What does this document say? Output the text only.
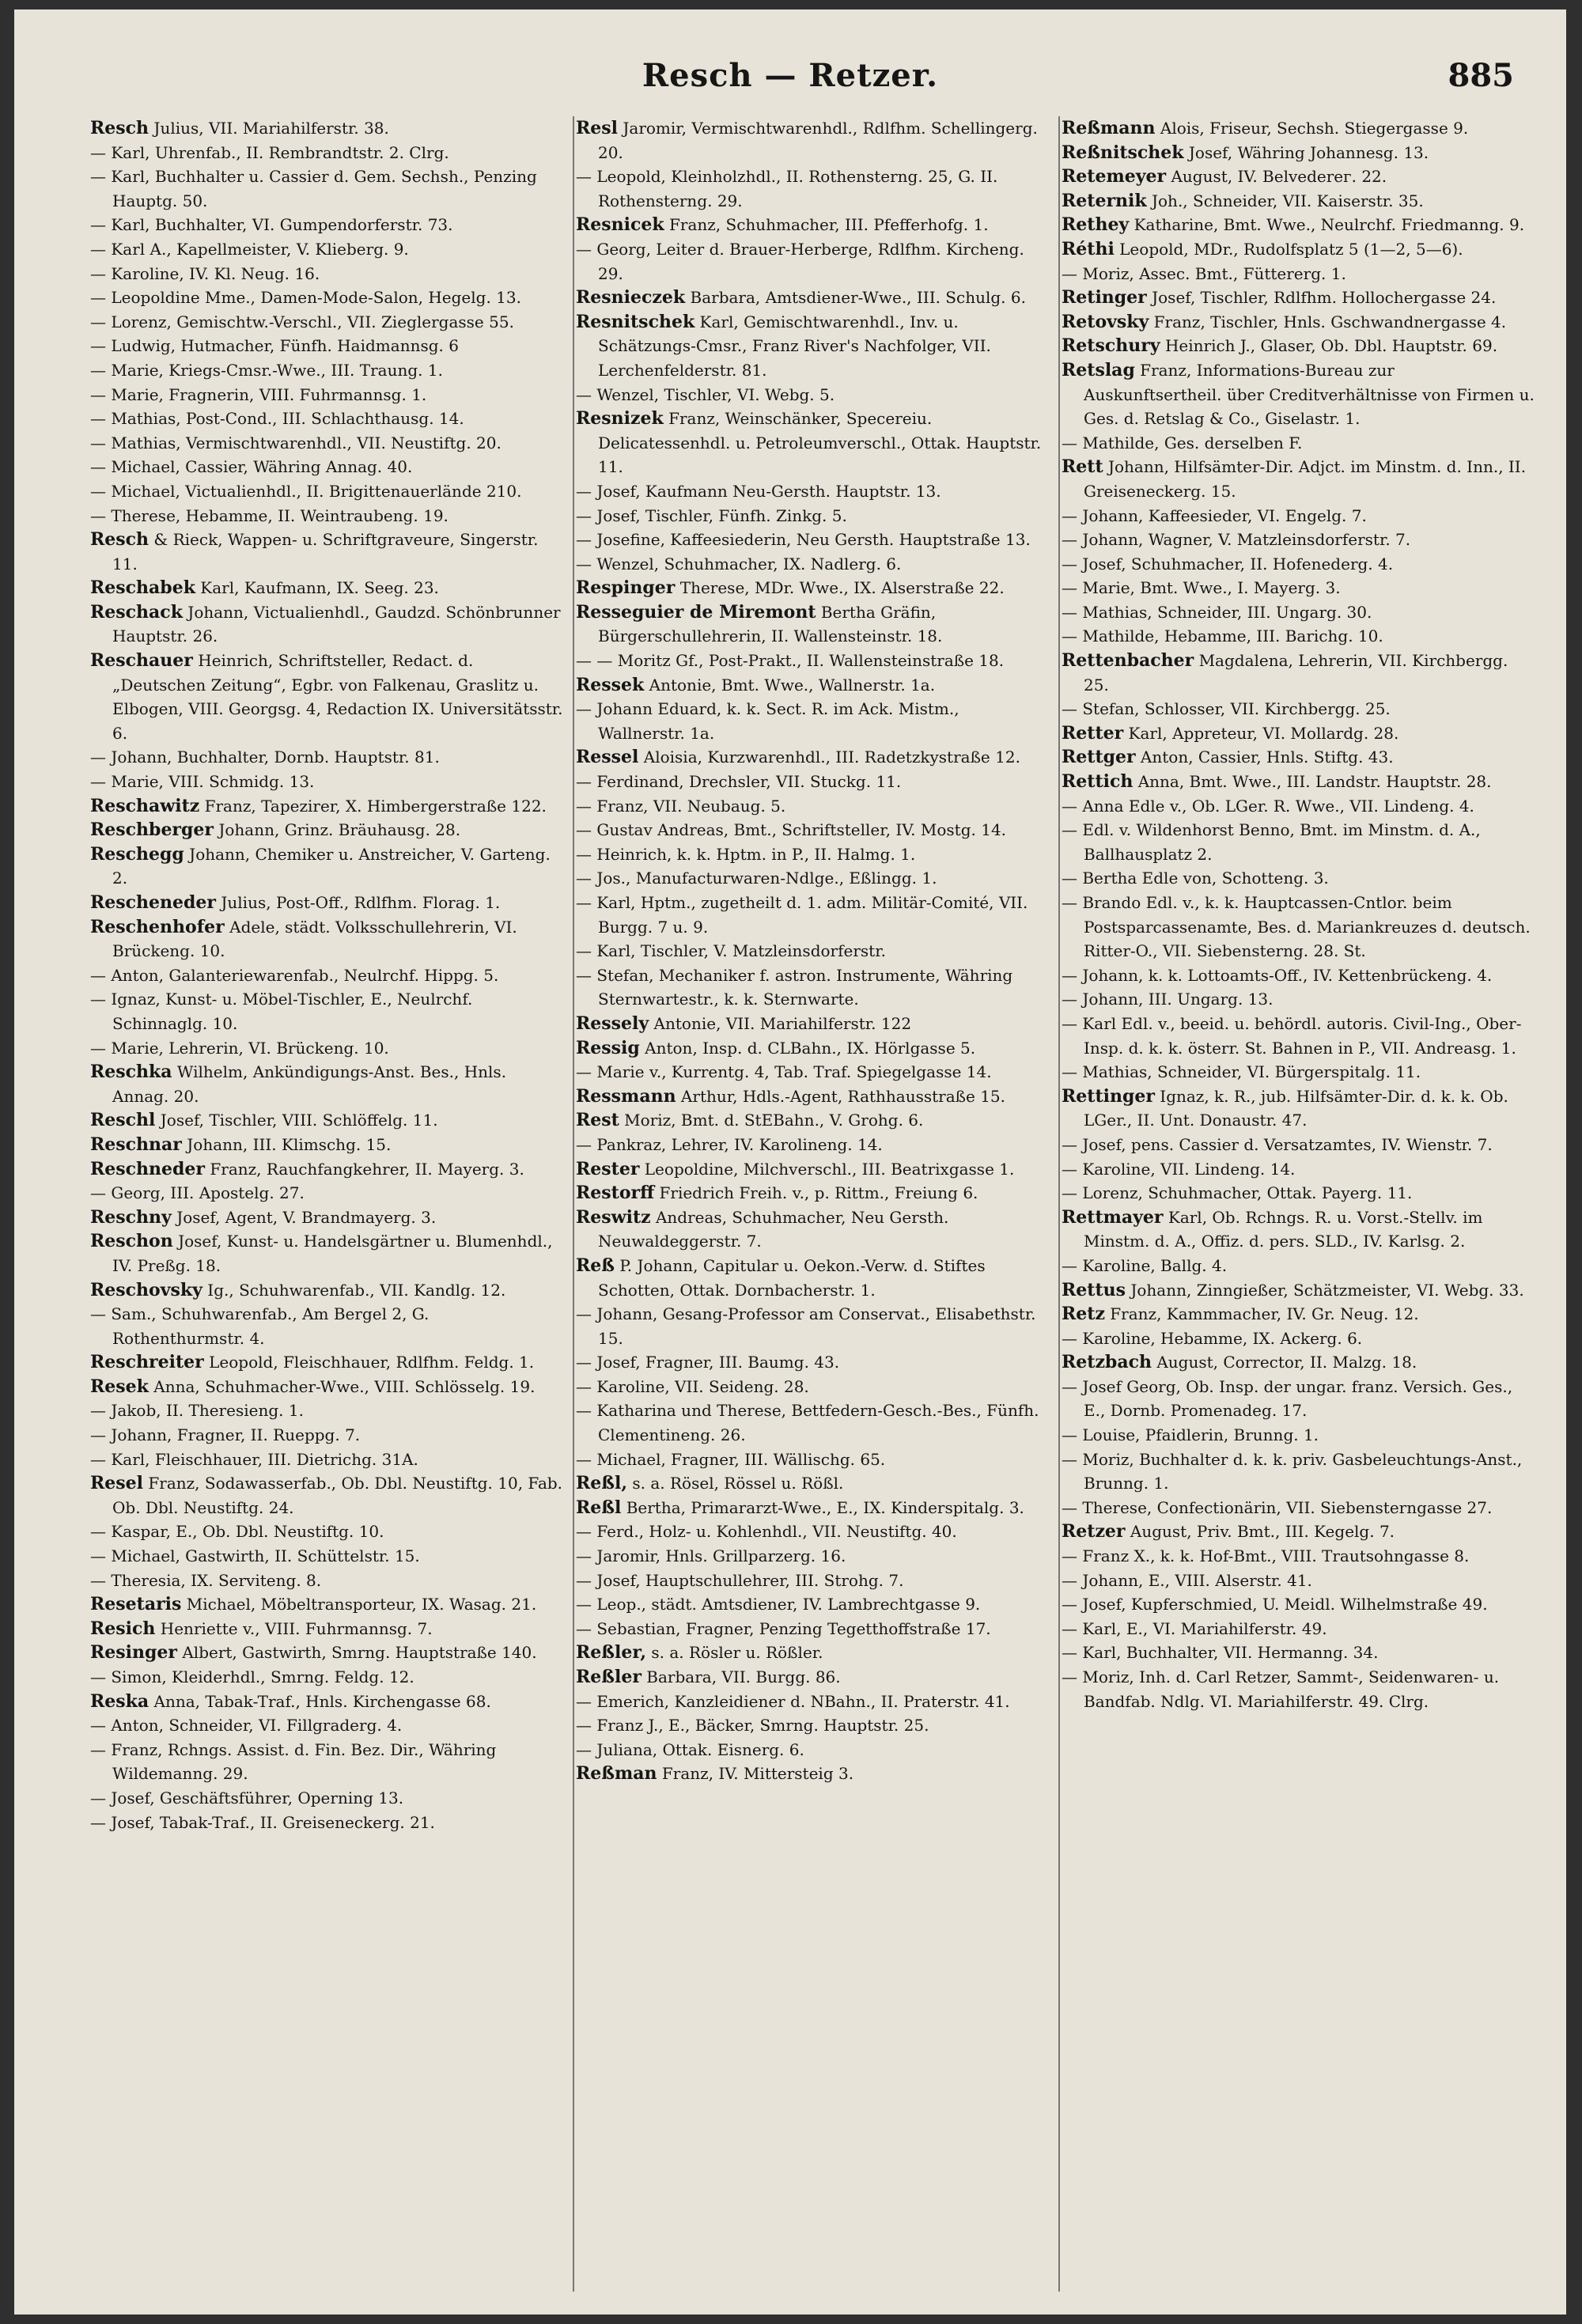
Resch — Retzer.	885
Resch Julius, VII. Mariahilferstr. 38.
— Karl, Uhrenfab., II. Rembrandtstr. 2. Clrg.
— Karl, Buchhalter u. Cassier d. Gem. Sechsh., Penzing Hauptg. 50.
— Karl, Buchhalter, VI. Gumpendorferstr. 73.
— Karl A., Kapellmeister, V. Klieberg. 9.
— Karoline, IV. Kl. Neug. 16.
— Leopoldine Mme., Damen-Mode-Salon, Hegelg. 13.
— Lorenz, Gemischtw.-Verschl., VII. Zieglergasse 55.
— Ludwig, Hutmacher, Fünfh. Haidmannsg. 6
— Marie, Kriegs-Cmsr.-Wwe., III. Traung. 1.
— Marie, Fragnerin, VIII. Fuhrmannsg. 1.
— Mathias, Post-Cond., III. Schlachthausg. 14.
— Mathias, Vermischtwarenhdl., VII. Neustiftg. 20.
— Michael, Cassier, Währing Annag. 40.
— Michael, Victualienhdl., II. Brigittenauerlände 210.
— Therese, Hebamme, II. Weintraubeng. 19.
Resch & Rieck, Wappen- u. Schriftgraveure, Singerstr. 11.
Reschabek Karl, Kaufmann, IX. Seeg. 23.
Reschack Johann, Victualienhdl., Gaudzd. Schönbrunner Hauptstr. 26.
Reschauer Heinrich, Schriftsteller, Redact. d. „Deutschen Zeitung“, Egbr. von Falkenau, Graslitz u. Elbogen, VIII. Georgsg. 4, Redaction IX. Universitätsstr. 6.
— Johann, Buchhalter, Dornb. Hauptstr. 81.
— Marie, VIII. Schmidg. 13.
Reschawitz Franz, Tapezirer, X. Himbergerstraße 122.
Reschberger Johann, Grinz. Bräuhausg. 28.
Reschegg Johann, Chemiker u. Anstreicher, V. Garteng. 2.
Rescheneder Julius, Post-Off., Rdlfhm. Florag. 1.
Reschenhofer Adele, städt. Volksschullehrerin, VI. Brückeng. 10.
— Anton, Galanteriewarenfab., Neulrchf. Hippg. 5.
— Ignaz, Kunst- u. Möbel-Tischler, E., Neulrchf. Schinnaglg. 10.
— Marie, Lehrerin, VI. Brückeng. 10.
Reschka Wilhelm, Ankündigungs-Anst. Bes., Hnls. Annag. 20.
Reschl Josef, Tischler, VIII. Schlöffelg. 11.
Reschnar Johann, III. Klimschg. 15.
Reschneder Franz, Rauchfangkehrer, II. Mayerg. 3.
— Georg, III. Apostelg. 27.
Reschny Josef, Agent, V. Brandmayerg. 3.
Reschon Josef, Kunst- u. Handelsgärtner u. Blumenhdl., IV. Preßg. 18.
Reschovsky Ig., Schuhwarenfab., VII. Kandlg. 12.
— Sam., Schuhwarenfab., Am Bergel 2, G. Rothenthurmstr. 4.
Reschreiter Leopold, Fleischhauer, Rdlfhm. Feldg. 1.
Resek Anna, Schuhmacher-Wwe., VIII. Schlösselg. 19.
— Jakob, II. Theresieng. 1.
— Johann, Fragner, II. Rueppg. 7.
— Karl, Fleischhauer, III. Dietrichg. 31A.
Resel Franz, Sodawasserfab., Ob. Dbl. Neustiftg. 10, Fab. Ob. Dbl. Neustiftg. 24.
— Kaspar, E., Ob. Dbl. Neustiftg. 10.
— Michael, Gastwirth, II. Schüttelstr. 15.
— Theresia, IX. Serviteng. 8.
Resetaris Michael, Möbeltransporteur, IX. Wasag. 21.
Resich Henriette v., VIII. Fuhrmannsg. 7.
Resinger Albert, Gastwirth, Smrng. Hauptstraße 140.
— Simon, Kleiderhdl., Smrng. Feldg. 12.
Reska Anna, Tabak-Traf., Hnls. Kirchengasse 68.
— Anton, Schneider, VI. Fillgraderg. 4.
— Franz, Rchngs. Assist. d. Fin. Bez. Dir., Währing Wildemanng. 29.
— Josef, Geschäftsführer, Operning 13.
— Josef, Tabak-Traf., II. Greiseneckerg. 21.
Resl Jaromir, Vermischtwarenhdl., Rdlfhm. Schellingerg. 20.
— Leopold, Kleinholzhdl., II. Rothensterng. 25, G. II. Rothensterng. 29.
Resnicek Franz, Schuhmacher, III. Pfefferhofg. 1.
— Georg, Leiter d. Brauer-Herberge, Rdlfhm. Kircheng. 29.
Resnieczek Barbara, Amtsdiener-Wwe., III. Schulg. 6.
Resnitschek Karl, Gemischtwarenhdl., Inv. u. Schätzungs-Cmsr., Franz River's Nachfolger, VII. Lerchenfelderstr. 81.
— Wenzel, Tischler, VI. Webg. 5.
Resnizek Franz, Weinschänker, Specereiu. Delicatessenhdl. u. Petroleumverschl., Ottak. Hauptstr. 11.
— Josef, Kaufmann Neu-Gersth. Hauptstr. 13.
— Josef, Tischler, Fünfh. Zinkg. 5.
— Josefine, Kaffeesiederin, Neu Gersth. Hauptstraße 13.
— Wenzel, Schuhmacher, IX. Nadlerg. 6.
Respinger Therese, MDr. Wwe., IX. Alserstraße 22.
Resseguier de Miremont Bertha Gräfin, Bürgerschullehrerin, II. Wallensteinstr. 18.
— — Moritz Gf., Post-Prakt., II. Wallensteinstraße 18.
Ressek Antonie, Bmt. Wwe., Wallnerstr. 1a.
— Johann Eduard, k. k. Sect. R. im Ack. Mistm., Wallnerstr. 1a.
Ressel Aloisia, Kurzwarenhdl., III. Radetzkystraße 12.
— Ferdinand, Drechsler, VII. Stuckg. 11.
— Franz, VII. Neubaug. 5.
— Gustav Andreas, Bmt., Schriftsteller, IV. Mostg. 14.
— Heinrich, k. k. Hptm. in P., II. Halmg. 1.
— Jos., Manufacturwaren-Ndlge., Eßlingg. 1.
— Karl, Hptm., zugetheilt d. 1. adm. Militär-Comité, VII. Burgg. 7 u. 9.
— Karl, Tischler, V. Matzleinsdorferstr.
— Stefan, Mechaniker f. astron. Instrumente, Währing Sternwartestr., k. k. Sternwarte.
Ressely Antonie, VII. Mariahilferstr. 122
Ressig Anton, Insp. d. CLBahn., IX. Hörlgasse 5.
— Marie v., Kurrentg. 4, Tab. Traf. Spiegelgasse 14.
Ressmann Arthur, Hdls.-Agent, Rathhausstraße 15.
Rest Moriz, Bmt. d. StEBahn., V. Grohg. 6.
— Pankraz, Lehrer, IV. Karolineng. 14.
Rester Leopoldine, Milchverschl., III. Beatrixgasse 1.
Restorff Friedrich Freih. v., p. Rittm., Freiung 6.
Reswitz Andreas, Schuhmacher, Neu Gersth. Neuwaldeggerstr. 7.
Reß P. Johann, Capitular u. Oekon.-Verw. d. Stiftes Schotten, Ottak. Dornbacherstr. 1.
— Johann, Gesang-Professor am Conservat., Elisabethstr. 15.
— Josef, Fragner, III. Baumg. 43.
— Karoline, VII. Seideng. 28.
— Katharina und Therese, Bettfedern-Gesch.-Bes., Fünfh. Clementineng. 26.
— Michael, Fragner, III. Wällischg. 65.
Reßl, s. a. Rösel, Rössel u. Rößl.
Reßl Bertha, Primararzt-Wwe., E., IX. Kinderspitalg. 3.
— Ferd., Holz- u. Kohlenhdl., VII. Neustiftg. 40.
— Jaromir, Hnls. Grillparzerg. 16.
— Josef, Hauptschullehrer, III. Strohg. 7.
— Leop., städt. Amtsdiener, IV. Lambrechtgasse 9.
— Sebastian, Fragner, Penzing Tegetthoffstraße 17.
Reßler, s. a. Rösler u. Rößler.
Reßler Barbara, VII. Burgg. 86.
— Emerich, Kanzleidiener d. NBahn., II. Praterstr. 41.
— Franz J., E., Bäcker, Smrng. Hauptstr. 25.
— Juliana, Ottak. Eisnerg. 6.
Reßman Franz, IV. Mittersteig 3.
Reßmann Alois, Friseur, Sechsh. Stiegergasse 9.
Reßnitschek Josef, Währing Johannesg. 13.
Retemeyer August, IV. Belvederег. 22.
Reternik Joh., Schneider, VII. Kaiserstr. 35.
Rethey Katharine, Bmt. Wwe., Neulrchf. Friedmanng. 9.
Réthi Leopold, MDr., Rudolfsplatz 5 (1—2, 5—6).
— Moriz, Assec. Bmt., Füttererg. 1.
Retinger Josef, Tischler, Rdlfhm. Hollochergasse 24.
Retovsky Franz, Tischler, Hnls. Gschwandnergasse 4.
Retschury Heinrich J., Glaser, Ob. Dbl. Hauptstr. 69.
Retslag Franz, Informations-Bureau zur Auskunftsertheil. über Creditverhältnisse von Firmen u. Ges. d. Retslag & Co., Giselastr. 1.
— Mathilde, Ges. derselben F.
Rett Johann, Hilfsämter-Dir. Adjct. im Minstm. d. Inn., II. Greiseneckerg. 15.
— Johann, Kaffeesieder, VI. Engelg. 7.
— Johann, Wagner, V. Matzleinsdorferstr. 7.
— Josef, Schuhmacher, II. Hofenederg. 4.
— Marie, Bmt. Wwe., I. Mayerg. 3.
— Mathias, Schneider, III. Ungarg. 30.
— Mathilde, Hebamme, III. Barichg. 10.
Rettenbacher Magdalena, Lehrerin, VII. Kirchbergg. 25.
— Stefan, Schlosser, VII. Kirchbergg. 25.
Retter Karl, Appreteur, VI. Mollardg. 28.
Rettger Anton, Cassier, Hnls. Stiftg. 43.
Rettich Anna, Bmt. Wwe., III. Landstr. Hauptstr. 28.
— Anna Edle v., Ob. LGer. R. Wwe., VII. Lindeng. 4.
— Edl. v. Wildenhorst Benno, Bmt. im Minstm. d. A., Ballhausplatz 2.
— Bertha Edle von, Schotteng. 3.
— Brando Edl. v., k. k. Hauptcassen-Cntlor. beim Postsparcassenamte, Bes. d. Mariankreuzes d. deutsch. Ritter-O., VII. Siebensterng. 28. St.
— Johann, k. k. Lottoamts-Off., IV. Kettenbrückeng. 4.
— Johann, III. Ungarg. 13.
— Karl Edl. v., beeid. u. behördl. autoris. Civil-Ing., Ober-Insp. d. k. k. österr. St. Bahnen in P., VII. Andreasg. 1.
— Mathias, Schneider, VI. Bürgerspitalg. 11.
Rettinger Ignaz, k. R., jub. Hilfsämter-Dir. d. k. k. Ob. LGer., II. Unt. Donaustr. 47.
— Josef, pens. Cassier d. Versatzamtes, IV. Wienstr. 7.
— Karoline, VII. Lindeng. 14.
— Lorenz, Schuhmacher, Ottak. Payerg. 11.
Rettmayer Karl, Ob. Rchngs. R. u. Vorst.-Stellv. im Minstm. d. A., Offiz. d. pers. SLD., IV. Karlsg. 2.
— Karoline, Ballg. 4.
Rettus Johann, Zinngießer, Schätzmeister, VI. Webg. 33.
Retz Franz, Kammmacher, IV. Gr. Neug. 12.
— Karoline, Hebamme, IX. Ackerg. 6.
Retzbach August, Corrector, II. Malzg. 18.
— Josef Georg, Ob. Insp. der ungar. franz. Versich. Ges., E., Dornb. Promenadeg. 17.
— Louise, Pfaidlerin, Brunng. 1.
— Moriz, Buchhalter d. k. k. priv. Gasbeleuchtungs-Anst., Brunng. 1.
— Therese, Confectionärin, VII. Siebensterngasse 27.
Retzer August, Priv. Bmt., III. Kegelg. 7.
— Franz X., k. k. Hof-Bmt., VIII. Trautsohngasse 8.
— Johann, E., VIII. Alserstr. 41.
— Josef, Kupferschmied, U. Meidl. Wilhelmstraße 49.
— Karl, E., VI. Mariahilferstr. 49.
— Karl, Buchhalter, VII. Hermanng. 34.
— Moriz, Inh. d. Carl Retzer, Sammt-, Seidenwaren- u. Bandfab. Ndlg. VI. Mariahilferstr. 49. Clrg.
